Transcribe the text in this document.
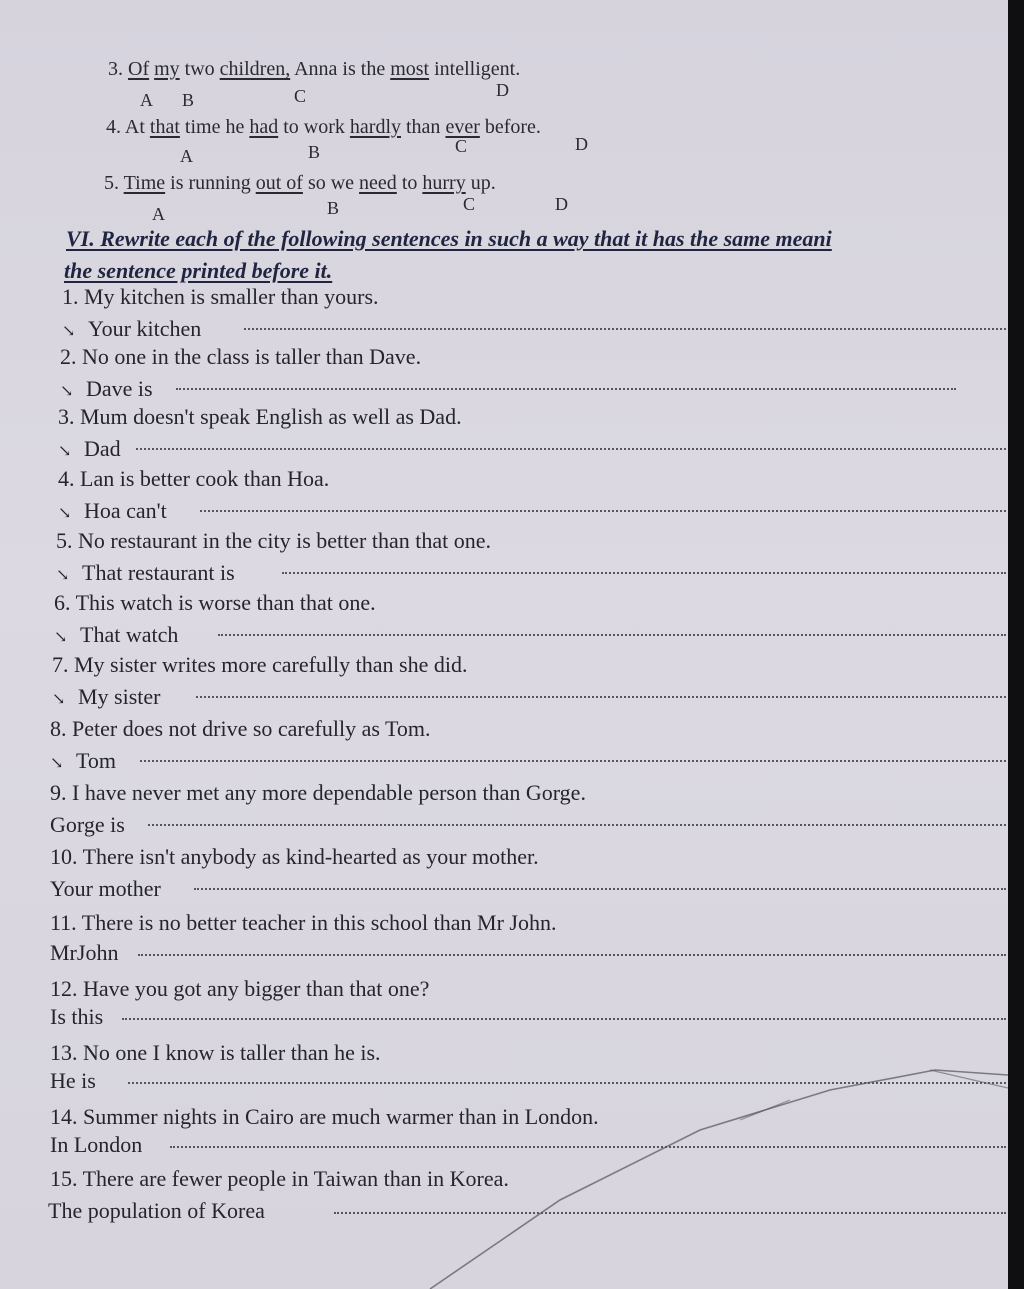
3. Of my two children, Anna is the most intelligent.
A B	C	D
4. At that time he had to work hardly than ever before.
A	B	C	D
5. Time is running out of so we need to hurry up.
A	B	C	D
VI. Rewrite each of the following sentences in such a way that it has the same meani
the sentence printed before it.
1. My kitchen is smaller than yours.
↘ Your kitchen
2. No one in the class is taller than Dave.
↘ Dave is
3. Mum doesn't speak English as well as Dad.
↘ Dad
4. Lan is better cook than Hoa.
↘ Hoa can't
5. No restaurant in the city is better than that one.
↘ That restaurant is
6. This watch is worse than that one.
↘ That watch
7. My sister writes more carefully than she did.
↘ My sister
8. Peter does not drive so carefully as Tom.
↘ Tom
9. I have never met any more dependable person than Gorge.
Gorge is
10. There isn't anybody as kind-hearted as your mother.
Your mother
11. There is no better teacher in this school than Mr John.
MrJohn
12. Have you got any bigger than that one?
Is this
13. No one I know is taller than he is.
He is
14. Summer nights in Cairo are much warmer than in London.
In London
15. There are fewer people in Taiwan than in Korea.
The population of Korea
